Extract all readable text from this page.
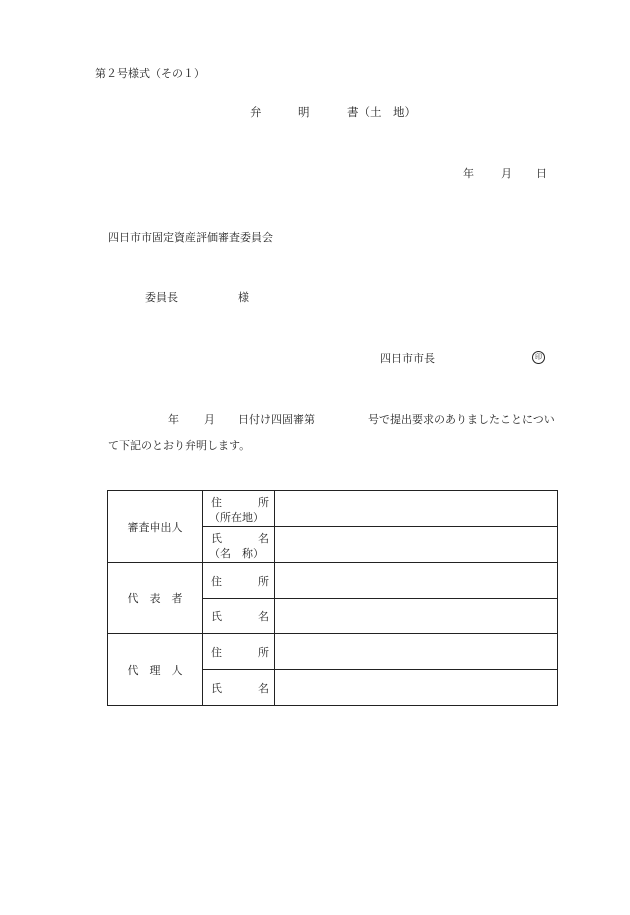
第２号様式（その１）
弁	明	書（土　地）
年 月 日
四日市市固定資産評価審査委員会
委員長	様
四日市市長	印
年 月 日付け四固審第	号で提出要求のありましたことについ
て下記のとおり弁明します。
審査申出人	住 所
（所在地）	

	氏 名
（名　称）	

代　表　者	住 所	

	氏 名	

代　理　人	住 所	

	氏 名	
